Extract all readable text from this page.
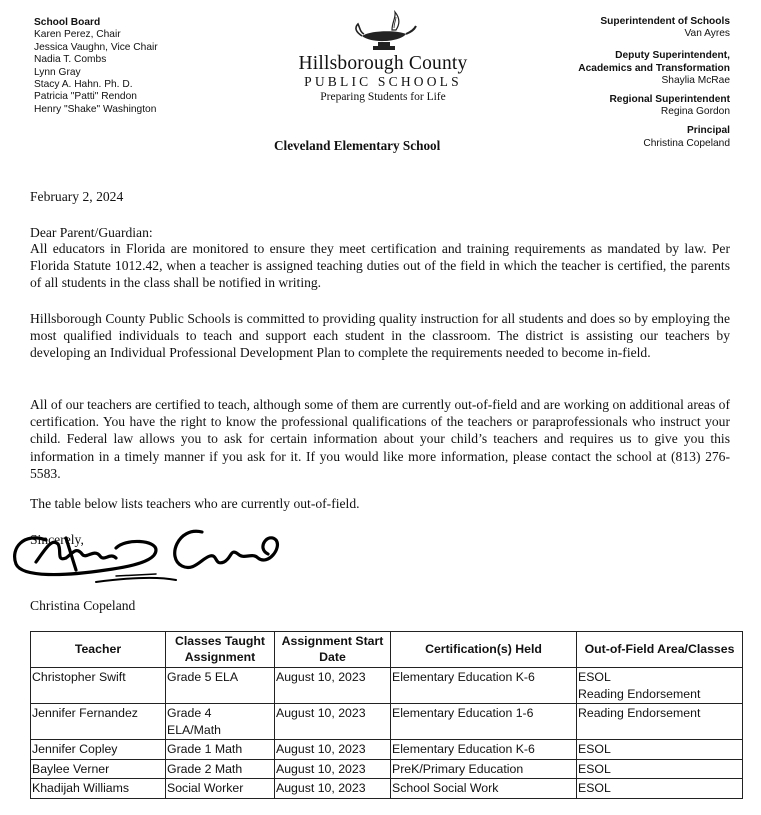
School Board
Karen Perez, Chair
Jessica Vaughn, Vice Chair
Nadia T. Combs
Lynn Gray
Stacy A. Hahn. Ph. D.
Patricia "Patti" Rendon
Henry "Shake" Washington
Hillsborough County
PUBLIC SCHOOLS
Preparing Students for Life
Superintendent of Schools
Van Ayres
Deputy Superintendent,
Academics and Transformation
Shaylia McRae
Regional Superintendent
Regina Gordon
Principal
Christina Copeland
Cleveland Elementary School
February 2, 2024
Dear Parent/Guardian:
All educators in Florida are monitored to ensure they meet certification and training requirements as mandated by law. Per Florida Statute 1012.42, when a teacher is assigned teaching duties out of the field in which the teacher is certified, the parents of all students in the class shall be notified in writing.
Hillsborough County Public Schools is committed to providing quality instruction for all students and does so by employing the most qualified individuals to teach and support each student in the classroom. The district is assisting our teachers by developing an Individual Professional Development Plan to complete the requirements needed to become in-field.
All of our teachers are certified to teach, although some of them are currently out-of-field and are working on additional areas of certification. You have the right to know the professional qualifications of the teachers or paraprofessionals who instruct your child. Federal law allows you to ask for certain information about your child’s teachers and requires us to give you this information in a timely manner if you ask for it. If you would like more information, please contact the school at (813) 276-5583.
The table below lists teachers who are currently out-of-field.
Sincerely,
Christina Copeland
Teacher	Classes Taught Assignment	Assignment Start Date	Certification(s) Held	Out-of-Field Area/Classes
Christopher Swift	Grade 5 ELA	August 10, 2023	Elementary Education K-6	ESOL
Reading Endorsement

Jennifer Fernandez	Grade 4 ELA/Math	August 10, 2023	Elementary Education 1-6	Reading Endorsement

Jennifer Copley	Grade 1 Math	August 10, 2023	Elementary Education K-6	ESOL

Baylee Verner	Grade 2 Math	August 10, 2023	PreK/Primary Education	ESOL

Khadijah Williams	Social Worker	August 10, 2023	School Social Work	ESOL
